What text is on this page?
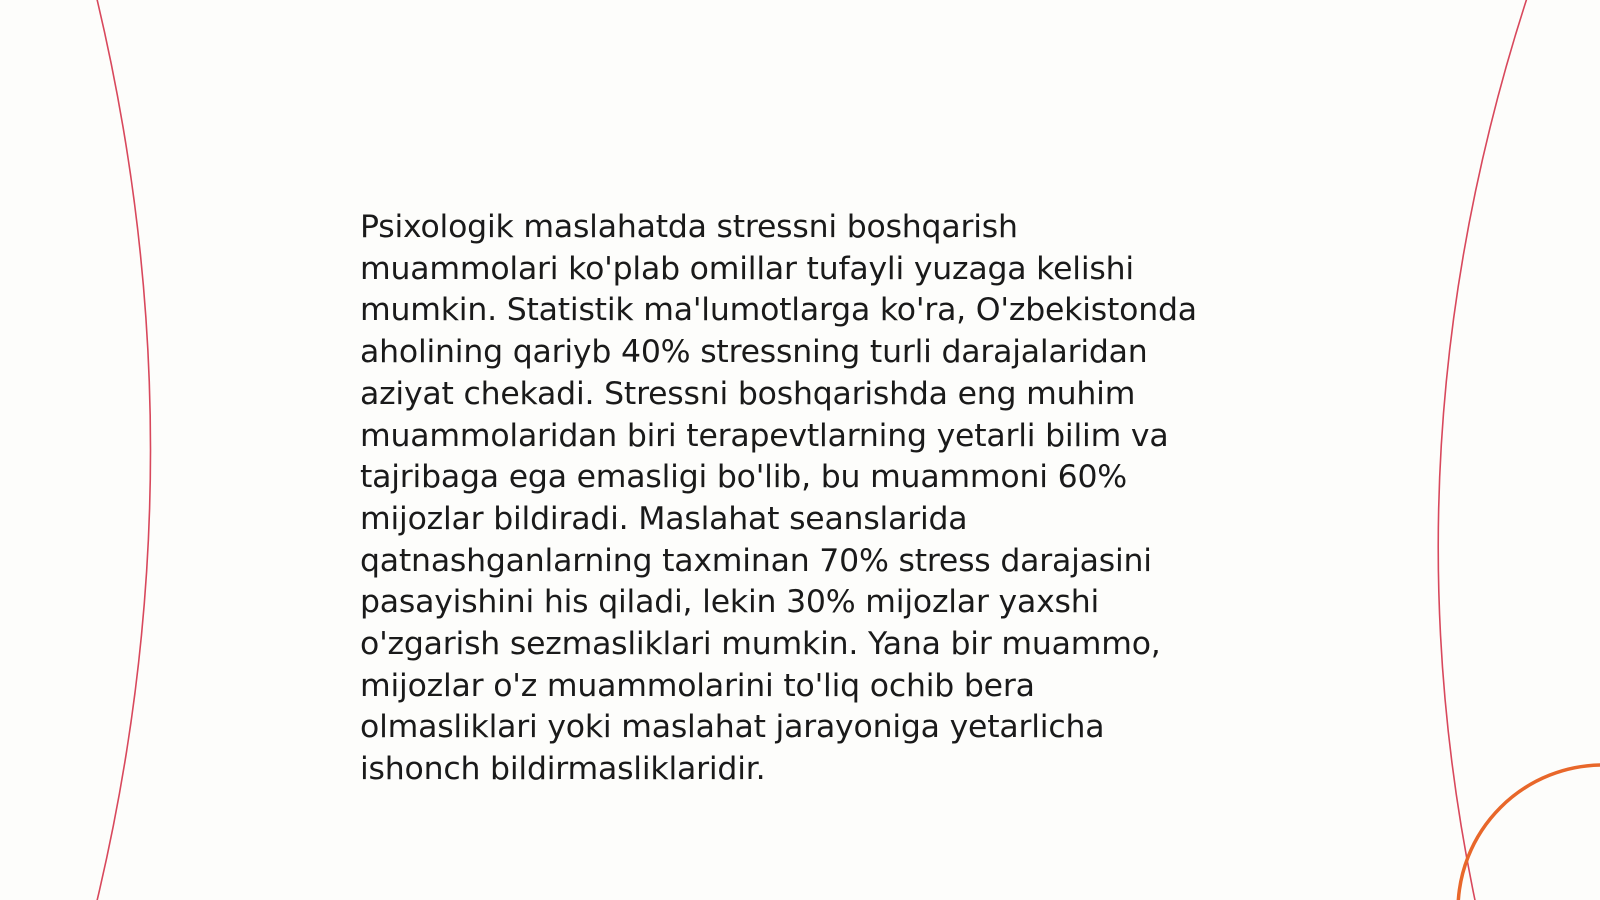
Psixologik maslahatda stressni boshqarish
muammolari ko'plab omillar tufayli yuzaga kelishi
mumkin. Statistik ma'lumotlarga ko'ra, O'zbekistonda
aholining qariyb 40% stressning turli darajalaridan
aziyat chekadi. Stressni boshqarishda eng muhim
muammolaridan biri terapevtlarning yetarli bilim va
tajribaga ega emasligi bo'lib, bu muammoni 60%
mijozlar bildiradi. Maslahat seanslarida
qatnashganlarning taxminan 70% stress darajasini
pasayishini his qiladi, lekin 30% mijozlar yaxshi
o'zgarish sezmasliklari mumkin. Yana bir muammo,
mijozlar o'z muammolarini to'liq ochib bera
olmasliklari yoki maslahat jarayoniga yetarlicha
ishonch bildirmasliklaridir.
